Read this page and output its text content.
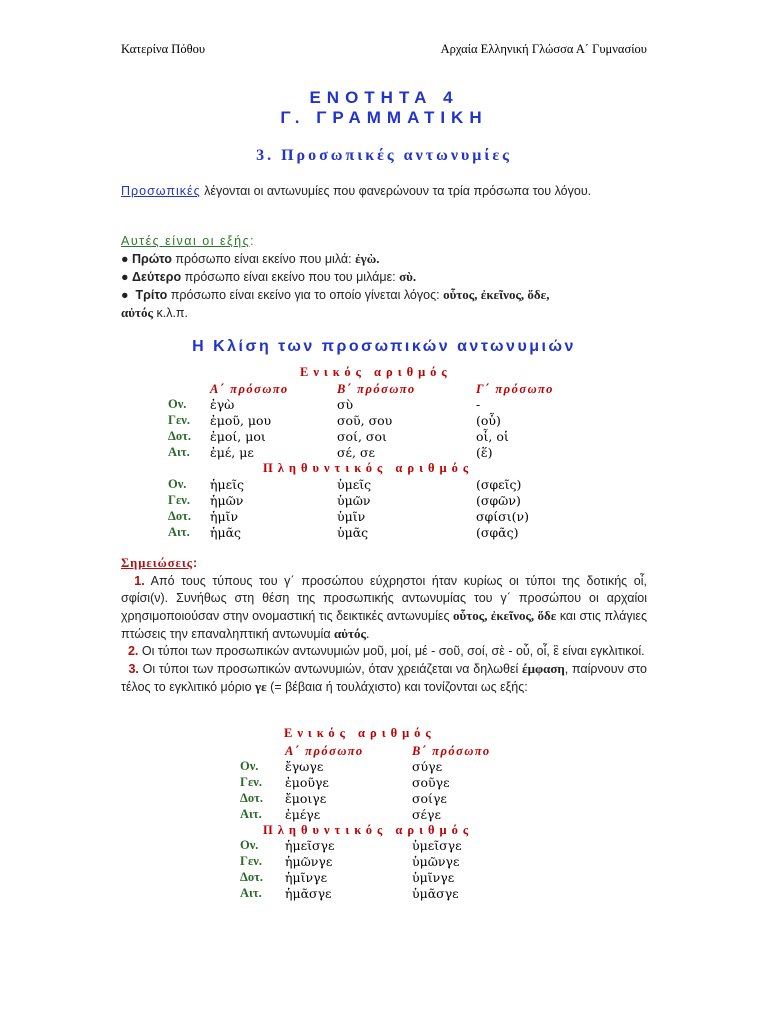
Κατερίνα Πόθου	Αρχαία Ελληνική Γλώσσα Α΄ Γυμνασίου
ΕΝΟΤΗΤΑ 4
Γ. ΓΡΑΜΜΑΤΙΚΗ
3. Προσωπικές αντωνυμίες
Προσωπικές λέγονται οι αντωνυμίες που φανερώνουν τα τρία πρόσωπα του λόγου.
Αυτές είναι οι εξής:
● Πρώτο πρόσωπο είναι εκείνο που μιλά: ἐγὼ.
● Δεύτερο πρόσωπο είναι εκείνο που του μιλάμε: σὺ.
●  Τρίτο πρόσωπο είναι εκείνο για το οποίο γίνεται λόγος: οὗτος, ἐκεῖνος, ὅδε,
αὐτός κ.λ.π.
Η Κλίση των προσωπικών αντωνυμιών
Ενικός αριθμός
Α΄ πρόσωπο	Β΄ πρόσωπο	Γ΄ πρόσωπο
Ον. ἐγὼ	σὺ	-
Γεν. ἐμοῦ, μου	σοῦ, σου	(οὗ)
Δοτ. ἐμοί, μοι	σοί, σοι	οἷ, οἱ
Αιτ. ἐμέ, με	σέ, σε	(ἕ)
Πληθυντικός αριθμός
Ον. ἡμεῖς	ὑμεῖς	(σφεῖς)
Γεν. ἡμῶν	ὑμῶν	(σφῶν)
Δοτ. ἡμῖν	ὑμῖν	σφίσι(ν)
Αιτ. ἡμᾶς	ὑμᾶς	(σφᾶς)

Σημειώσεις:

1. Από τους τύπους του γ΄ προσώπου εύχρηστοι ήταν κυρίως οι τύποι της δοτικής οἷ, σφίσι(ν). Συνήθως στη θέση της προσωπικής αντωνυμίας του γ΄ προσώπου οι αρχαίοι χρησιμοποιούσαν στην ονομαστική τις δεικτικές αντωνυμίες οὗτος, ἐκεῖνος, ὅδε και στις πλάγιες πτώσεις την επαναληπτική αντωνυμία αὐτός.

2. Οι τύποι των προσωπικών αντωνυμιών μοῦ, μοί, μέ - σοῦ, σοί, σὲ - οὗ, οἷ, ἓ είναι εγκλιτικοί.

3. Οι τύποι των προσωπικών αντωνυμιών, όταν χρειάζεται να δηλωθεί έμφαση, παίρνουν στο τέλος το εγκλιτικό μόριο γε (= βέβαια ή τουλάχιστο) και τονίζονται ως εξής:

Ενικός αριθμός
Α΄ πρόσωπο	Β΄ πρόσωπο
Ον. ἔγωγε	σύγε
Γεν. ἐμοῦγε	σοῦγε
Δοτ. ἔμοιγε	σοίγε
Αιτ. ἐμέγε	σέγε
Πληθυντικός αριθμός
Ον. ἡμεῖσγε	ὑμεῖσγε
Γεν. ἡμῶνγε	ὑμῶνγε
Δοτ. ἡμῖνγε	ὑμῖνγε
Αιτ. ἡμᾶσγε	ὑμᾶσγε
